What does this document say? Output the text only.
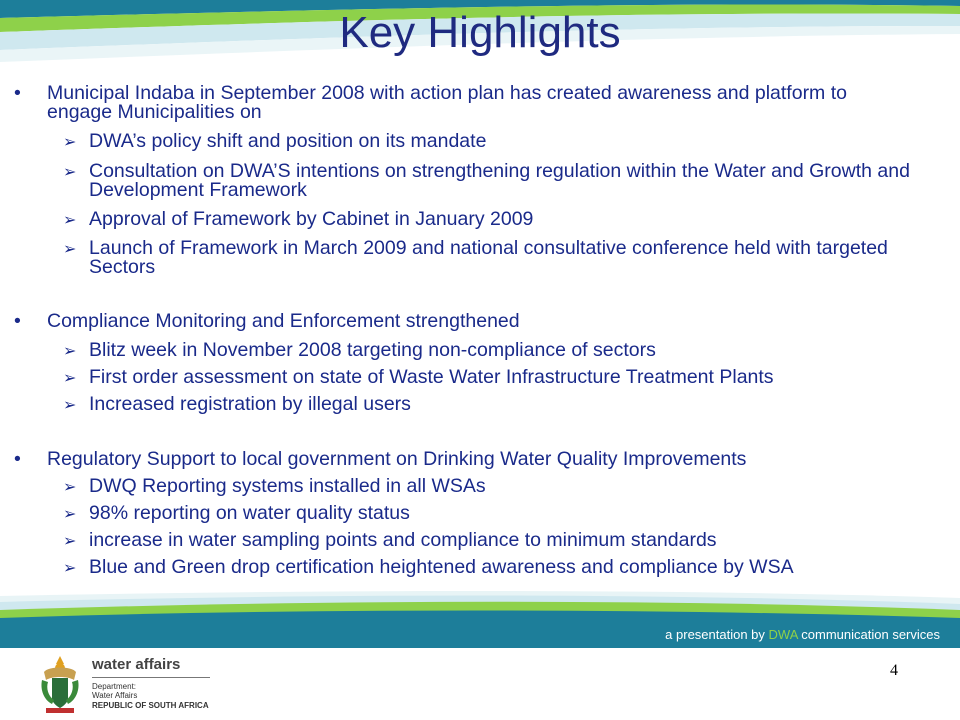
Key Highlights
•	Municipal Indaba in September 2008 with action plan has created awareness and platform to engage Municipalities on
➢ DWA’s policy shift and position on its mandate
➢ Consultation on DWA’S intentions on strengthening regulation within the Water and Growth and Development Framework
➢ Approval of Framework by Cabinet in January 2009
➢ Launch of Framework in March 2009 and national consultative conference held with targeted Sectors
•	Compliance Monitoring and Enforcement strengthened
➢ Blitz week in November 2008 targeting non-compliance of sectors
➢ First order assessment on state of Waste Water Infrastructure Treatment Plants
➢ Increased registration by illegal users
•	Regulatory Support to local government on Drinking Water Quality Improvements
➢ DWQ Reporting systems installed in all WSAs
➢ 98% reporting on water quality status
➢ increase in water sampling points and compliance to minimum standards
➢ Blue and Green drop certification heightened awareness and compliance by WSA
a presentation by DWA communication services
4
water affairs
Department:
Water Affairs
REPUBLIC OF SOUTH AFRICA
